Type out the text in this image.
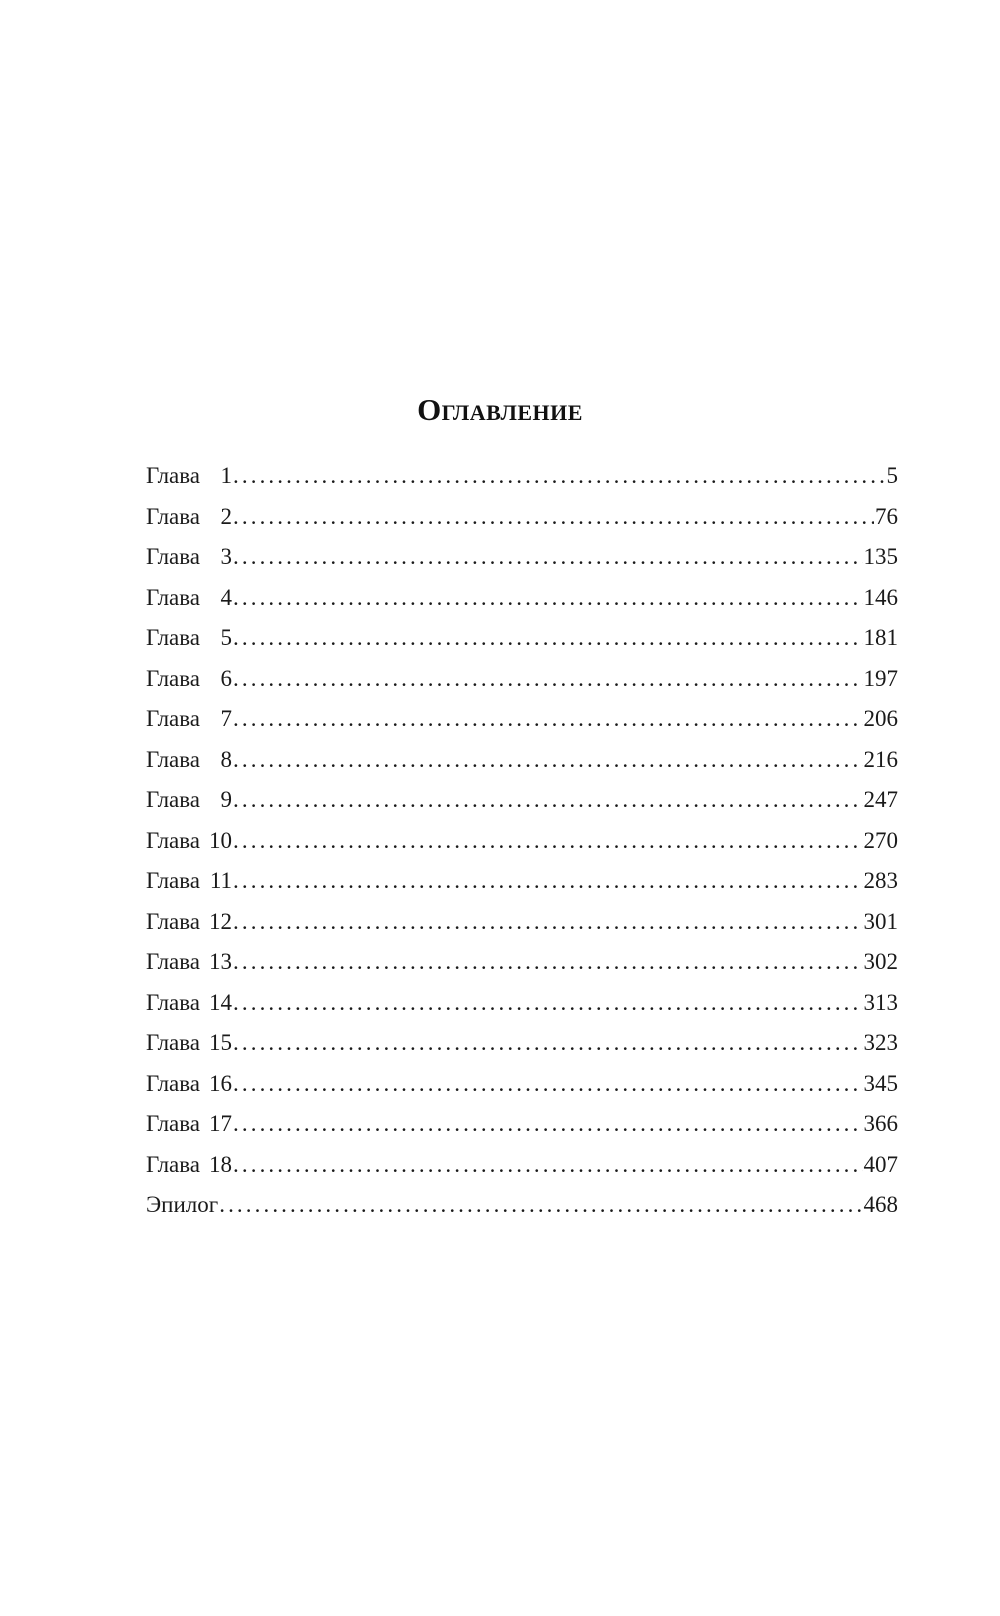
Оглавление
Глава 1 .....	5
Глава 2 .....	76
Глава 3 .....	135
Глава 4 .....	146
Глава 5 .....	181
Глава 6 .....	197
Глава 7 .....	206
Глава 8 .....	216
Глава 9 .....	247
Глава 10 .....	270
Глава 11 .....	283
Глава 12 .....	301
Глава 13 .....	302
Глава 14 .....	313
Глава 15 .....	323
Глава 16 .....	345
Глава 17 .....	366
Глава 18 .....	407
Эпилог .....	468
